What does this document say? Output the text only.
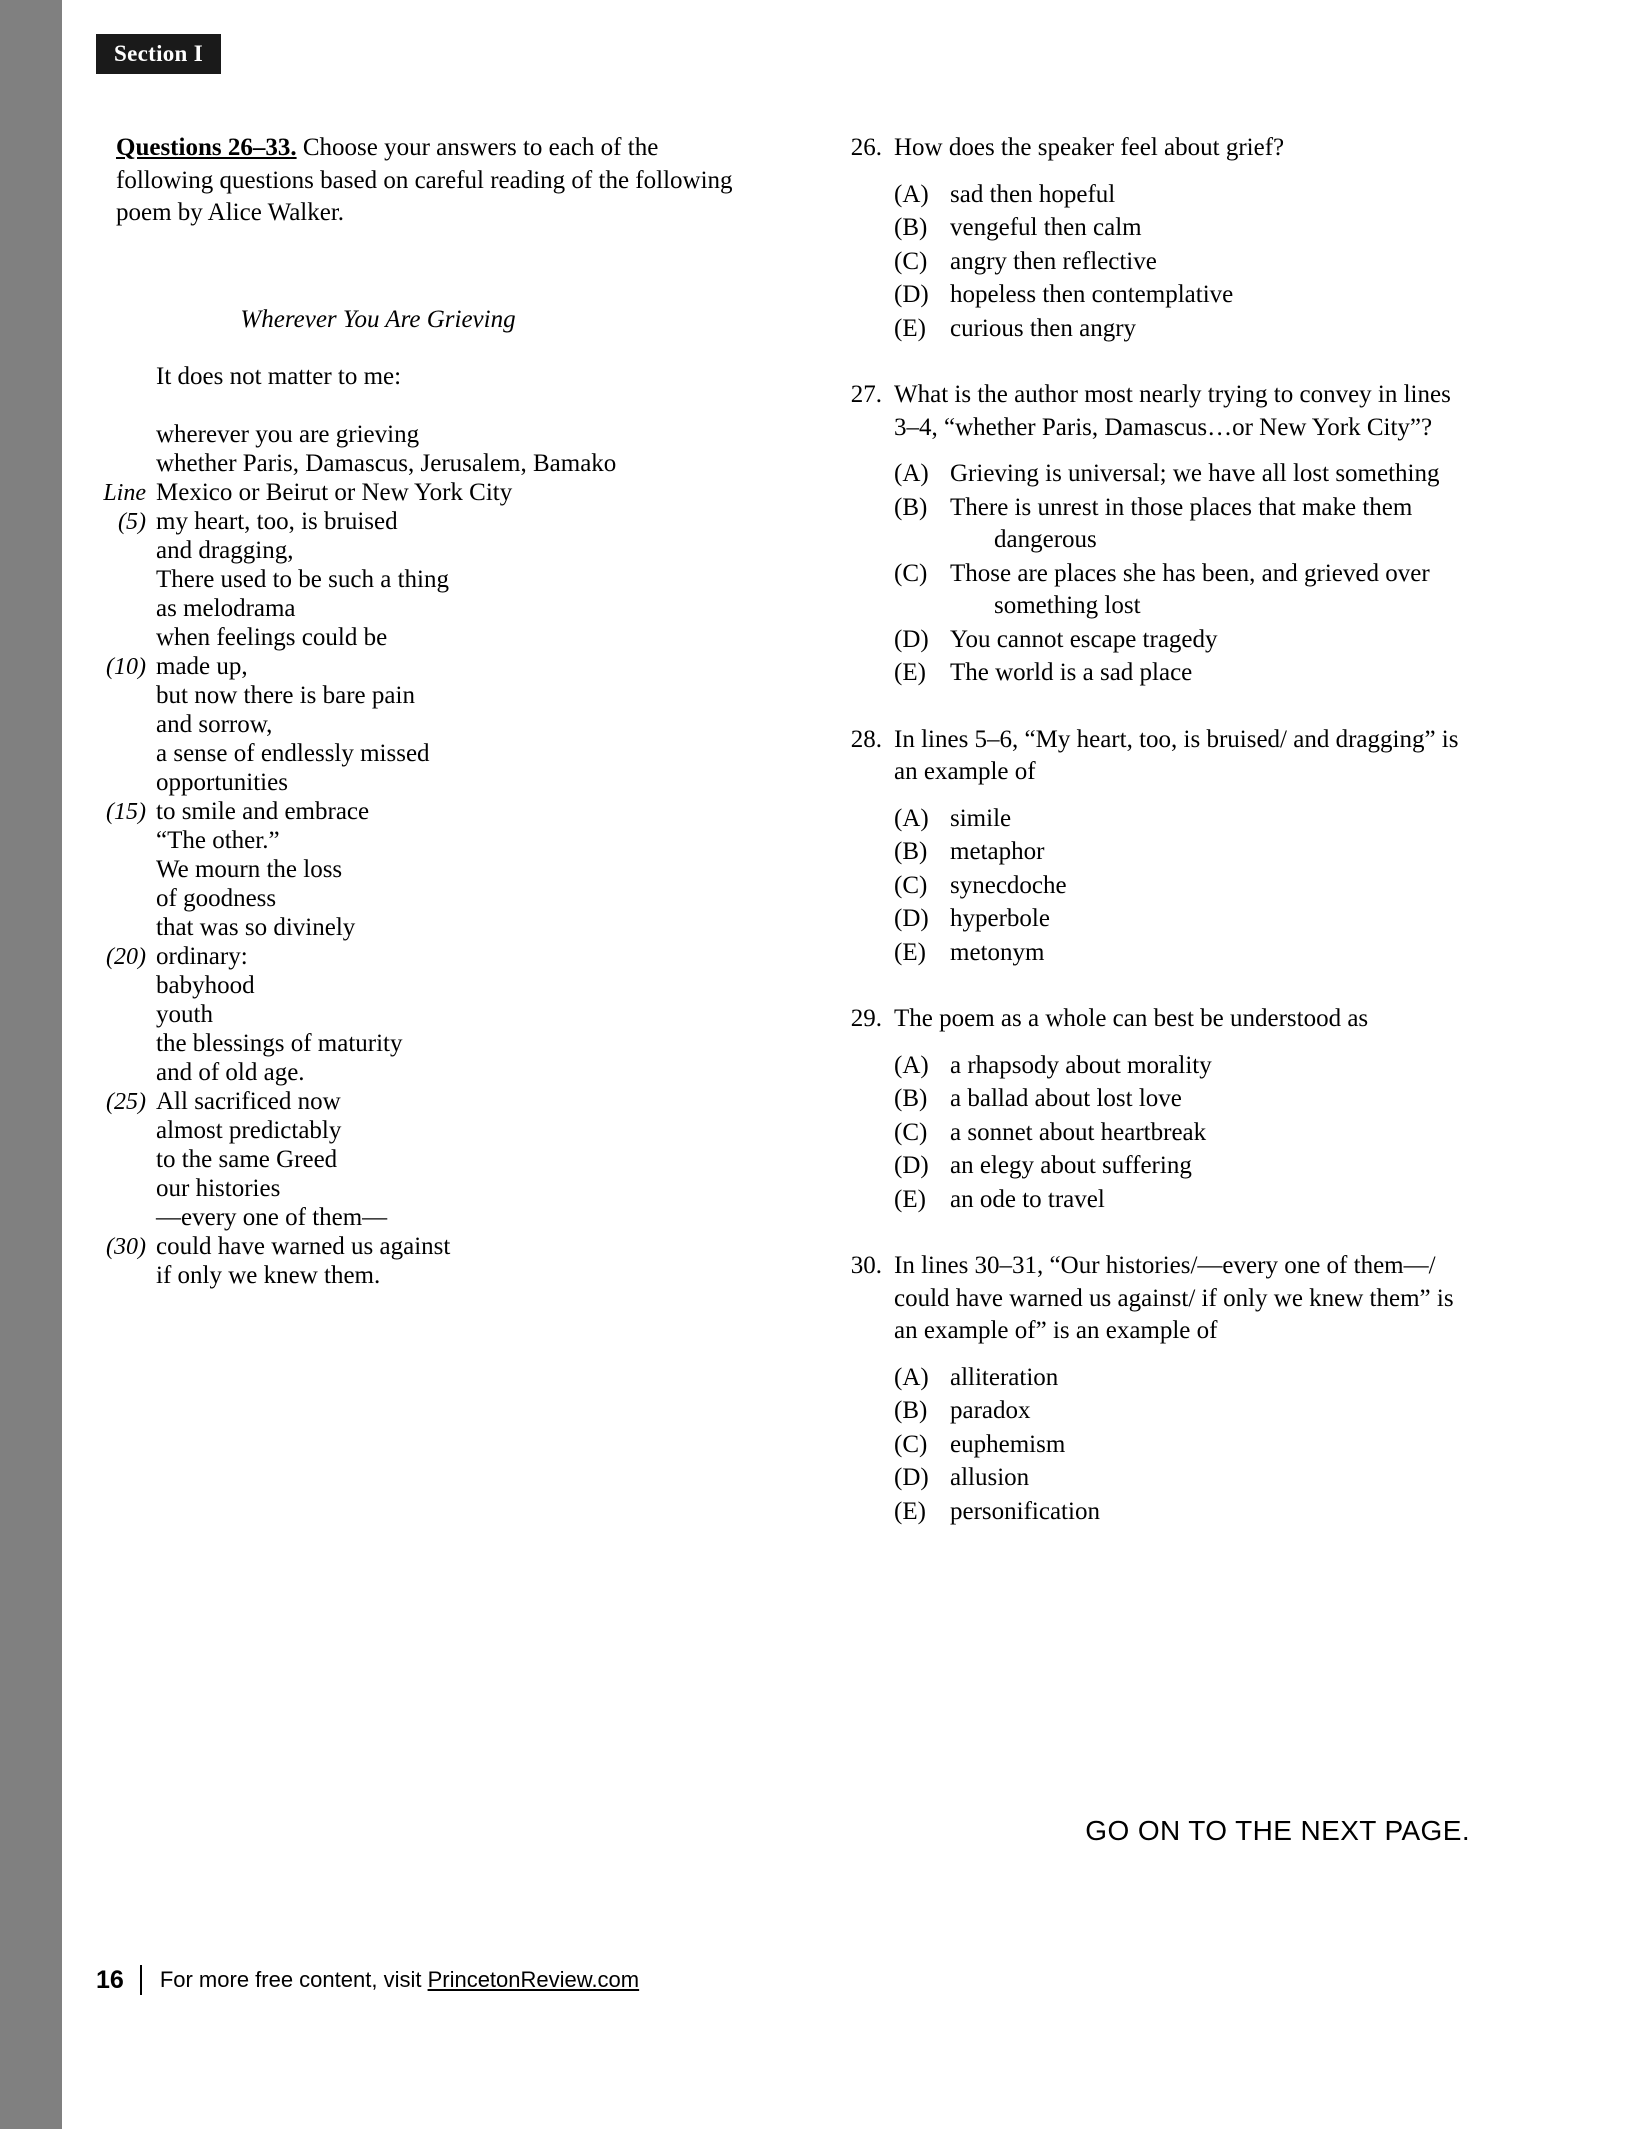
Section I

Questions 26–33. Choose your answers to each of the following questions based on careful reading of the following poem by Alice Walker.

Wherever You Are Grieving
It does not matter to me:
wherever you are grieving
whether Paris, Damascus, Jerusalem, Bamako
Line Mexico or Beirut or New York City
(5) my heart, too, is bruised
and dragging,
There used to be such a thing
as melodrama
when feelings could be
(10) made up,
but now there is bare pain
and sorrow,
a sense of endlessly missed
opportunities
(15) to smile and embrace
“The other.”
We mourn the loss
of goodness
that was so divinely
(20) ordinary:
babyhood
youth
the blessings of maturity
and of old age.
(25) All sacrificed now
almost predictably
to the same Greed
our histories
—every one of them—
(30) could have warned us against
if only we knew them.
26. How does the speaker feel about grief?
(A) sad then hopeful
(B) vengeful then calm
(C) angry then reflective
(D) hopeless then contemplative
(E) curious then angry
27. What is the author most nearly trying to convey in lines 3–4, “whether Paris, Damascus…or New York City”?
(A) Grieving is universal; we have all lost something
(B) There is unrest in those places that make them
dangerous
(C) Those are places she has been, and grieved over
something lost
(D) You cannot escape tragedy
(E) The world is a sad place
28. In lines 5–6, “My heart, too, is bruised/ and dragging” is an example of
(A) simile
(B) metaphor
(C) synecdoche
(D) hyperbole
(E) metonym
29. The poem as a whole can best be understood as
(A) a rhapsody about morality
(B) a ballad about lost love
(C) a sonnet about heartbreak
(D) an elegy about suffering
(E) an ode to travel
30. In lines 30–31, “Our histories/—every one of them—/ could have warned us against/ if only we knew them” is an example of” is an example of
(A) alliteration
(B) paradox
(C) euphemism
(D) allusion
(E) personification
GO ON TO THE NEXT PAGE.
16 For more free content, visit PrincetonReview.com
